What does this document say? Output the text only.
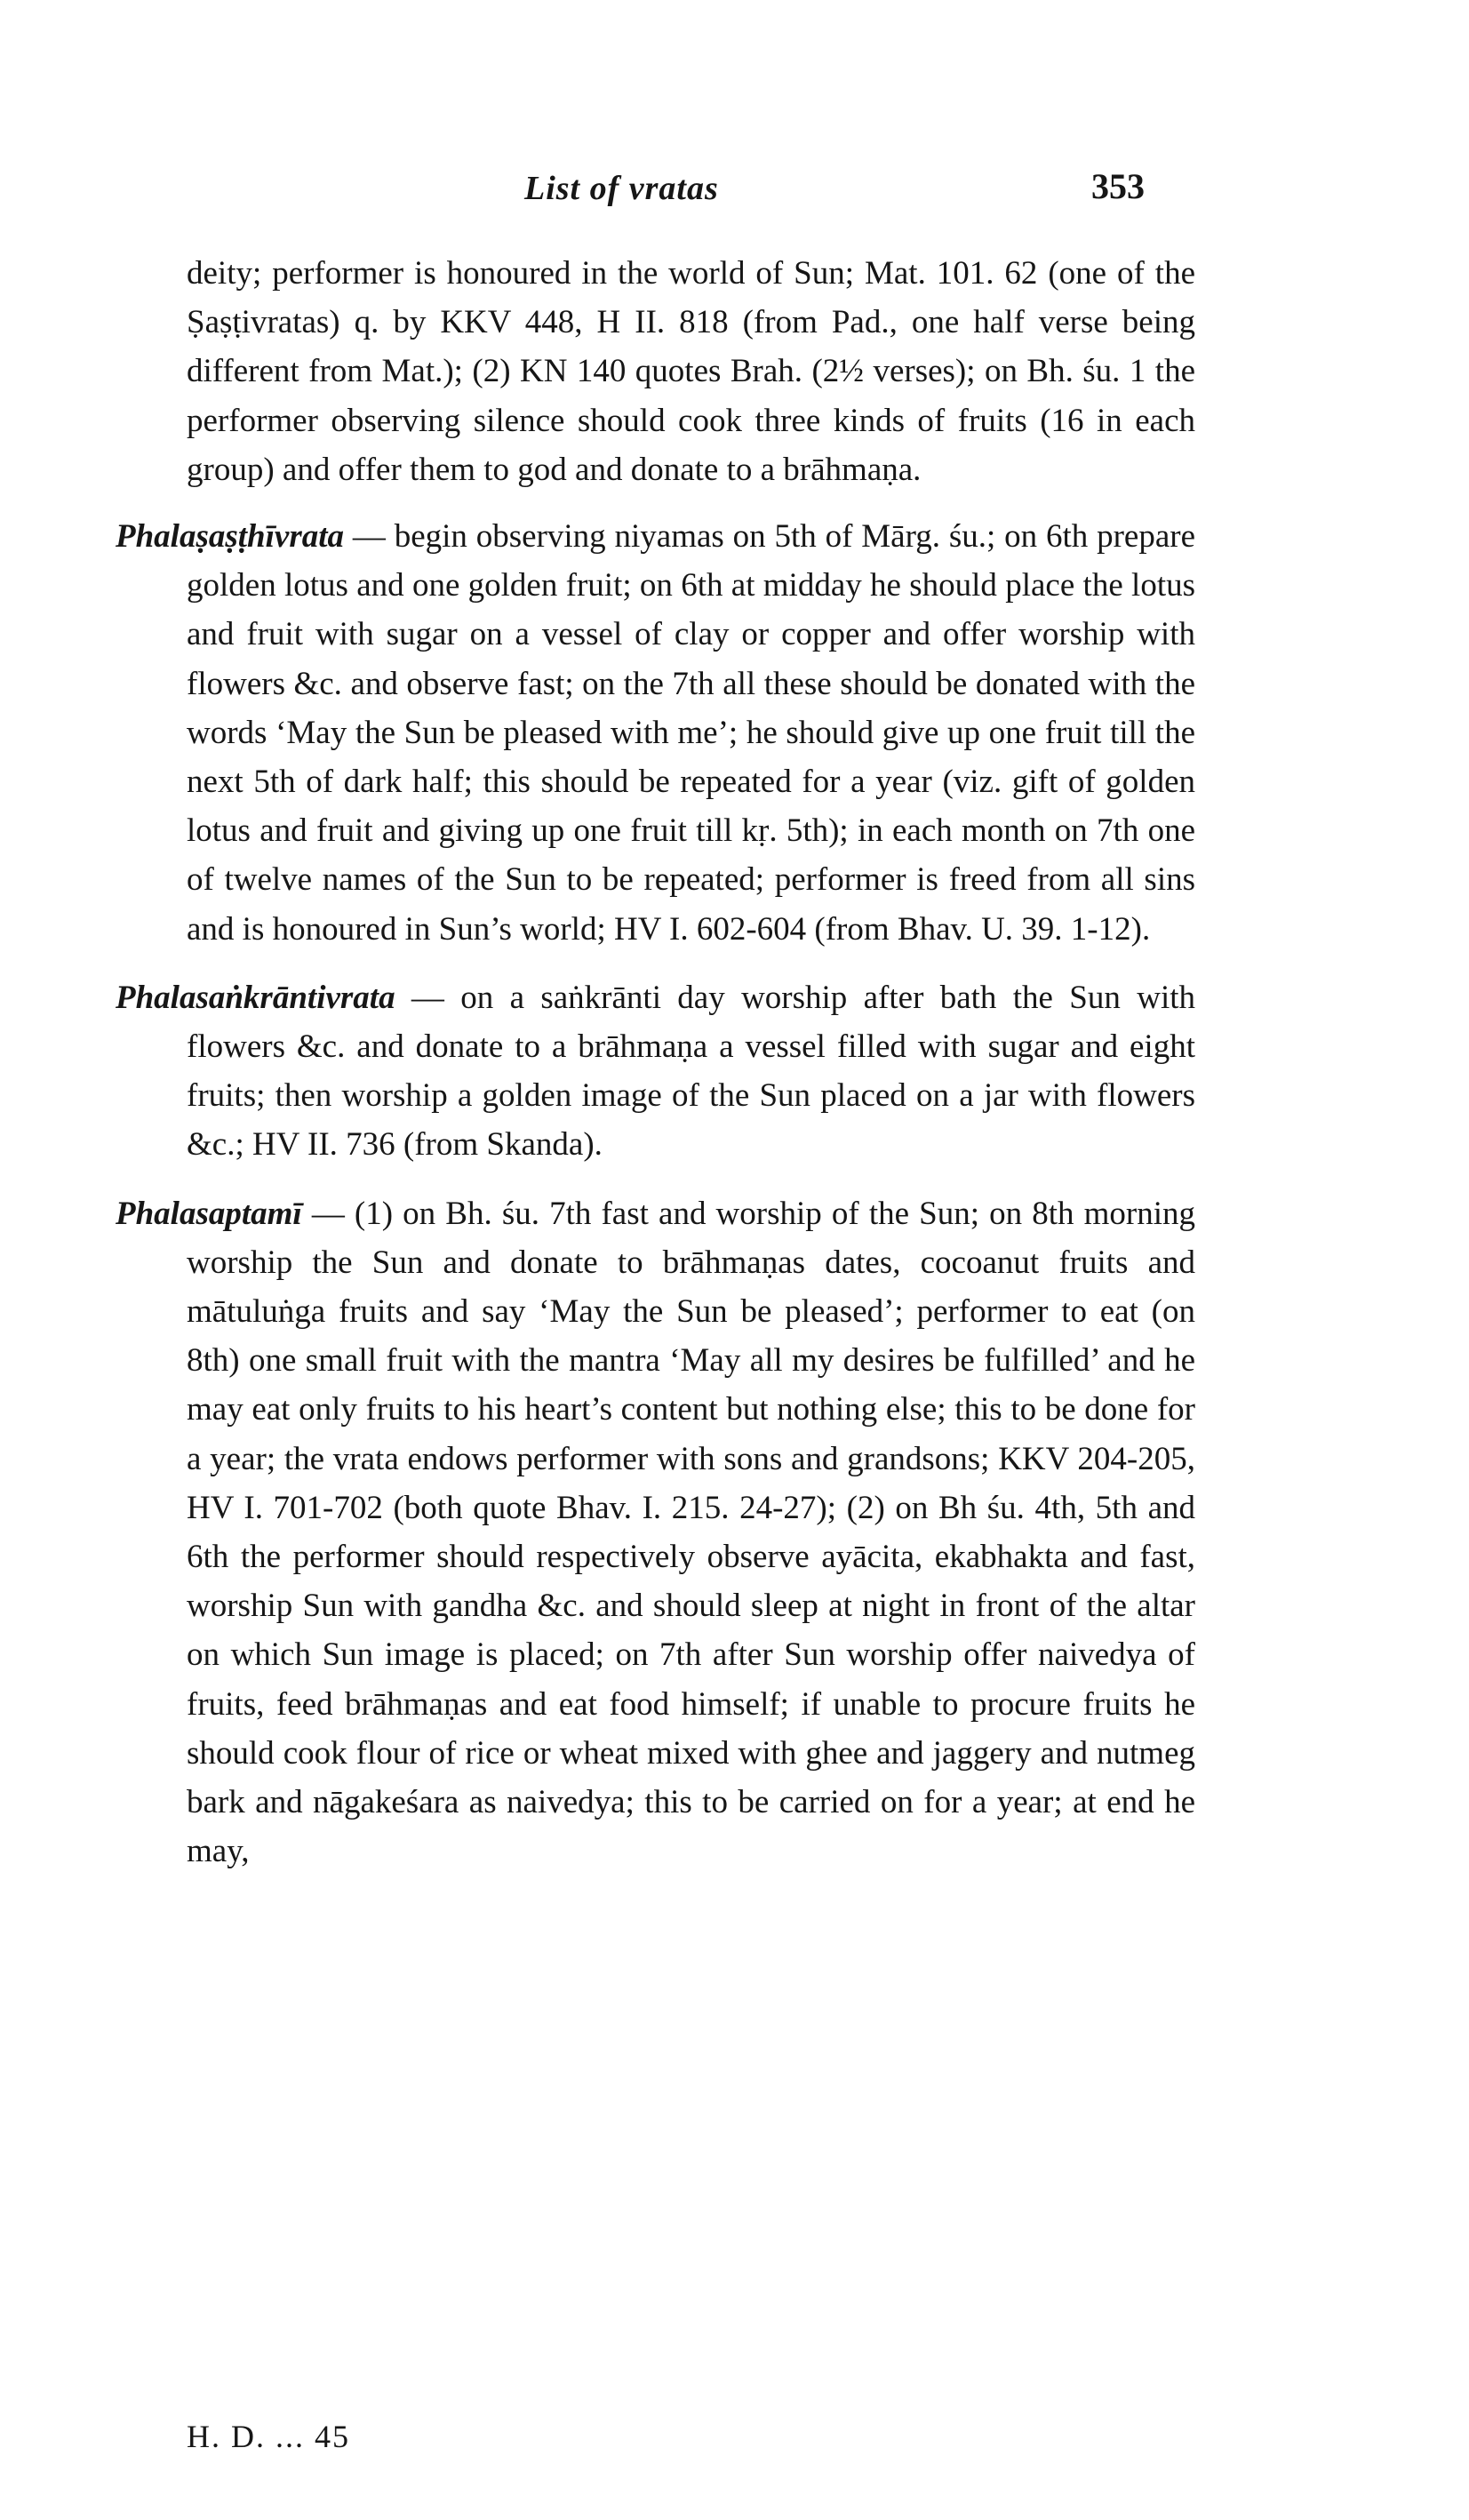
List of vratas	353

deity; performer is honoured in the world of Sun; Mat. 101. 62 (one of the Ṣaṣṭivratas) q. by KKV 448, H II. 818 (from Pad., one half verse being different from Mat.); (2) KN 140 quotes Brah. (2½ verses); on Bh. śu. 1 the performer observing silence should cook three kinds of fruits (16 in each group) and offer them to god and donate to a brāhmaṇa.

Phalaṣaṣṭhīvrata — begin observing niyamas on 5th of Mārg. śu.; on 6th prepare golden lotus and one golden fruit; on 6th at midday he should place the lotus and fruit with sugar on a vessel of clay or copper and offer worship with flowers &c. and observe fast; on the 7th all these should be donated with the words ‘May the Sun be pleased with me’; he should give up one fruit till the next 5th of dark half; this should be repeated for a year (viz. gift of golden lotus and fruit and giving up one fruit till kṛ. 5th); in each month on 7th one of twelve names of the Sun to be repeated; performer is freed from all sins and is honoured in Sun’s world; HV I. 602-604 (from Bhav. U. 39. 1-12).

Phalasaṅkrāntivrata — on a saṅkrānti day worship after bath the Sun with flowers &c. and donate to a brāhmaṇa a vessel filled with sugar and eight fruits; then worship a golden image of the Sun placed on a jar with flowers &c.; HV II. 736 (from Skanda).

Phalasaptamī — (1) on Bh. śu. 7th fast and worship of the Sun; on 8th morning worship the Sun and donate to brāhmaṇas dates, cocoanut fruits and mātuluṅga fruits and say ‘May the Sun be pleased’; performer to eat (on 8th) one small fruit with the mantra ‘May all my desires be fulfilled’ and he may eat only fruits to his heart’s content but nothing else; this to be done for a year; the vrata endows performer with sons and grandsons; KKV 204-205, HV I. 701-702 (both quote Bhav. I. 215. 24-27); (2) on Bh śu. 4th, 5th and 6th the performer should respectively observe ayācita, ekabhakta and fast, worship Sun with gandha &c. and should sleep at night in front of the altar on which Sun image is placed; on 7th after Sun worship offer naivedya of fruits, feed brāhmaṇas and eat food himself; if unable to procure fruits he should cook flour of rice or wheat mixed with ghee and jaggery and nutmeg bark and nāgakeśara as naivedya; this to be carried on for a year; at end he may,

H. D. ... 45
